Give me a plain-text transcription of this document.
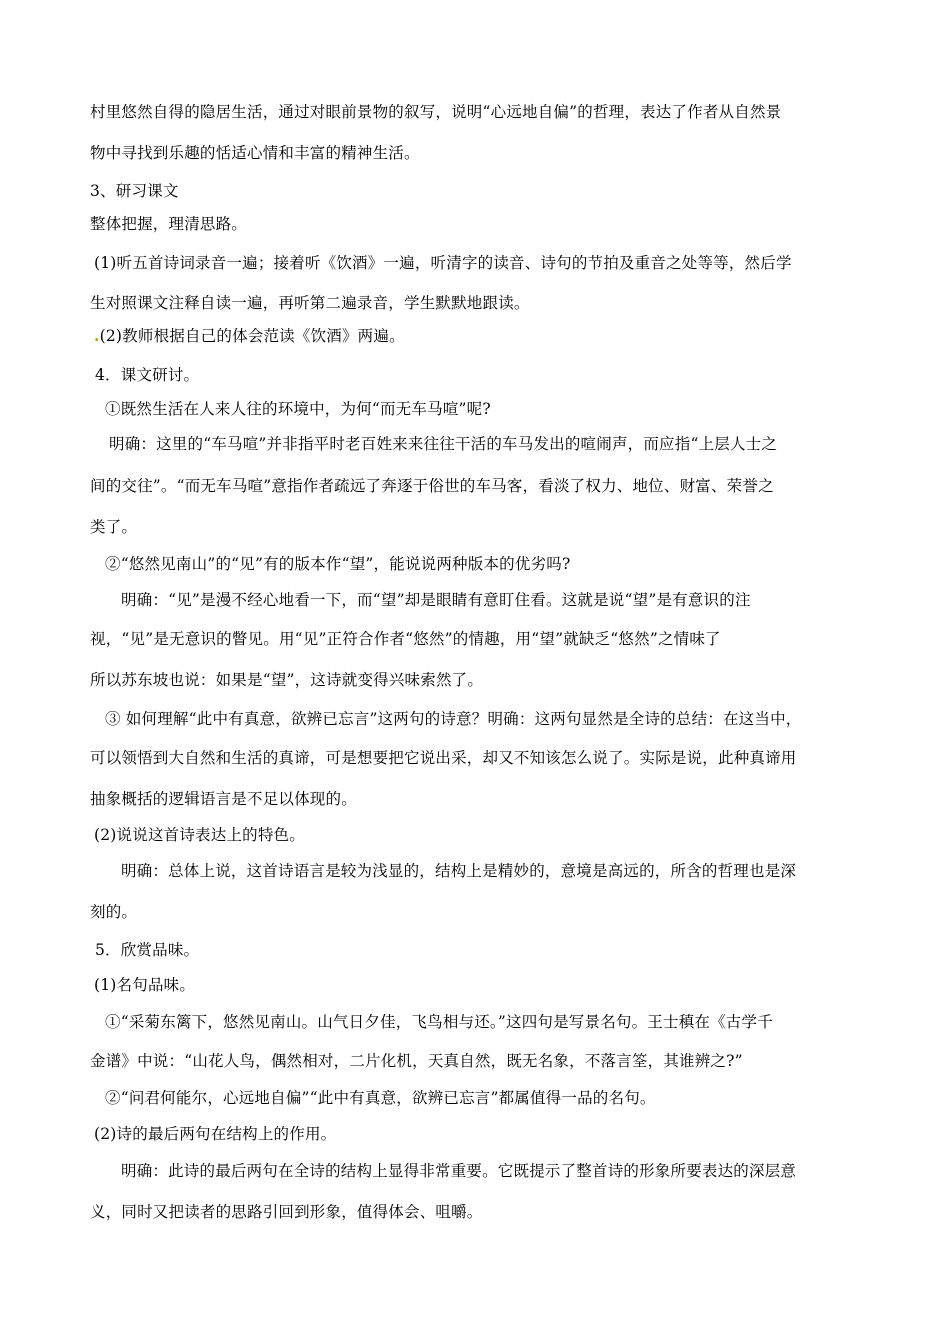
村里悠然自得的隐居生活，通过对眼前景物的叙写，说明“心远地自偏”的哲理，表达了作者从自然景
物中寻找到乐趣的恬适心情和丰富的精神生活。
3、研习课文
整体把握，理清思路。
(1)听五首诗词录音一遍；接着听《饮酒》一遍，听清字的读音、诗句的节拍及重音之处等等，然后学
生对照课文注释自读一遍，再听第二遍录音，学生默默地跟读。
.(2)教师根据自己的体会范读《饮酒》两遍。
4．课文研讨。
①既然生活在人来人往的环境中，为何“而无车马喧”呢?
明确：这里的“车马喧”并非指平时老百姓来来往往干活的车马发出的喧闹声，而应指“上层人士之
间的交往”。“而无车马喧”意指作者疏远了奔逐于俗世的车马客，看淡了权力、地位、财富、荣誉之
类了。
②“悠然见南山”的“见”有的版本作“望”，能说说两种版本的优劣吗?
明确：“见”是漫不经心地看一下，而“望”却是眼睛有意盯住看。这就是说“望”是有意识的注
视，“见”是无意识的瞥见。用“见”正符合作者“悠然”的情趣，用“望”就缺乏“悠然”之情味了
所以苏东坡也说：如果是“望”，这诗就变得兴味索然了。
③ 如何理解“此中有真意，欲辨已忘言”这两句的诗意？明确：这两句显然是全诗的总结：在这当中，
可以领悟到大自然和生活的真谛，可是想要把它说出采，却又不知该怎么说了。实际是说，此种真谛用
抽象概括的逻辑语言是不足以体现的。
(2)说说这首诗表达上的特色。
明确：总体上说，这首诗语言是较为浅显的，结构上是精妙的，意境是高远的，所含的哲理也是深
刻的。
5．欣赏品味。
(1)名句品味。
①“采菊东篱下，悠然见南山。山气日夕佳，飞鸟相与还。”这四句是写景名句。王士稹在《古学千
金谱》中说：“山花人鸟，偶然相对，二片化机，天真自然，既无名象，不落言筌，其谁辨之?”
②“问君何能尔，心远地自偏”“此中有真意，欲辨已忘言”都属值得一品的名句。
(2)诗的最后两句在结构上的作用。
明确：此诗的最后两句在全诗的结构上显得非常重要。它既提示了整首诗的形象所要表达的深层意
义，同时又把读者的思路引回到形象，值得体会、咀嚼。
